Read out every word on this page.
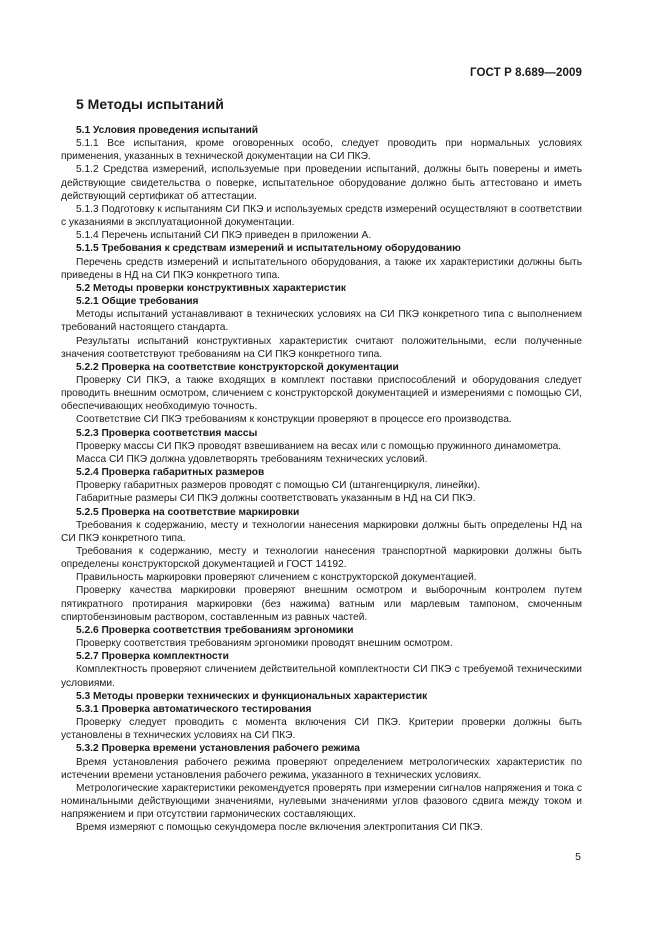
ГОСТ Р 8.689—2009
5 Методы испытаний

5.1 Условия проведения испытаний

5.1.1 Все испытания, кроме оговоренных особо, следует проводить при нормальных условиях применения, указанных в технической документации на СИ ПКЭ.

5.1.2 Средства измерений, используемые при проведении испытаний, должны быть поверены и иметь действующие свидетельства о поверке, испытательное оборудование должно быть аттестовано и иметь действующий сертификат об аттестации.

5.1.3 Подготовку к испытаниям СИ ПКЭ и используемых средств измерений осуществляют в соответствии с указаниями в эксплуатационной документации.

5.1.4 Перечень испытаний СИ ПКЭ приведен в приложении А.

5.1.5 Требования к средствам измерений и испытательному оборудованию

Перечень средств измерений и испытательного оборудования, а также их характеристики должны быть приведены в НД на СИ ПКЭ конкретного типа.

5.2 Методы проверки конструктивных характеристик

5.2.1 Общие требования

Методы испытаний устанавливают в технических условиях на СИ ПКЭ конкретного типа с выполнением требований настоящего стандарта.

Результаты испытаний конструктивных характеристик считают положительными, если полученные значения соответствуют требованиям на СИ ПКЭ конкретного типа.

5.2.2 Проверка на соответствие конструкторской документации

Проверку СИ ПКЭ, а также входящих в комплект поставки приспособлений и оборудования следует проводить внешним осмотром, сличением с конструкторской документацией и измерениями с помощью СИ, обеспечивающих необходимую точность.

Соответствие СИ ПКЭ требованиям к конструкции проверяют в процессе его производства.

5.2.3 Проверка соответствия массы

Проверку массы СИ ПКЭ проводят взвешиванием на весах или с помощью пружинного динамометра.

Масса СИ ПКЭ должна удовлетворять требованиям технических условий.

5.2.4 Проверка габаритных размеров

Проверку габаритных размеров проводят с помощью СИ (штангенциркуля, линейки).

Габаритные размеры СИ ПКЭ должны соответствовать указанным в НД на СИ ПКЭ.

5.2.5 Проверка на соответствие маркировки

Требования к содержанию, месту и технологии нанесения маркировки должны быть определены НД на СИ ПКЭ конкретного типа.

Требования к содержанию, месту и технологии нанесения транспортной маркировки должны быть определены конструкторской документацией и ГОСТ 14192.

Правильность маркировки проверяют сличением с конструкторской документацией.

Проверку качества маркировки проверяют внешним осмотром и выборочным контролем путем пятикратного протирания маркировки (без нажима) ватным или марлевым тампоном, смоченным спиртобензиновым раствором, составленным из равных частей.

5.2.6 Проверка соответствия требованиям эргономики

Проверку соответствия требованиям эргономики проводят внешним осмотром.

5.2.7 Проверка комплектности

Комплектность проверяют сличением действительной комплектности СИ ПКЭ с требуемой техническими условиями.

5.3 Методы проверки технических и функциональных характеристик

5.3.1 Проверка автоматического тестирования

Проверку следует проводить с момента включения СИ ПКЭ. Критерии проверки должны быть установлены в технических условиях на СИ ПКЭ.

5.3.2 Проверка времени установления рабочего режима

Время установления рабочего режима проверяют определением метрологических характеристик по истечении времени установления рабочего режима, указанного в технических условиях.

Метрологические характеристики рекомендуется проверять при измерении сигналов напряжения и тока с номинальными действующими значениями, нулевыми значениями углов фазового сдвига между током и напряжением и при отсутствии гармонических составляющих.

Время измеряют с помощью секундомера после включения электропитания СИ ПКЭ.

5
